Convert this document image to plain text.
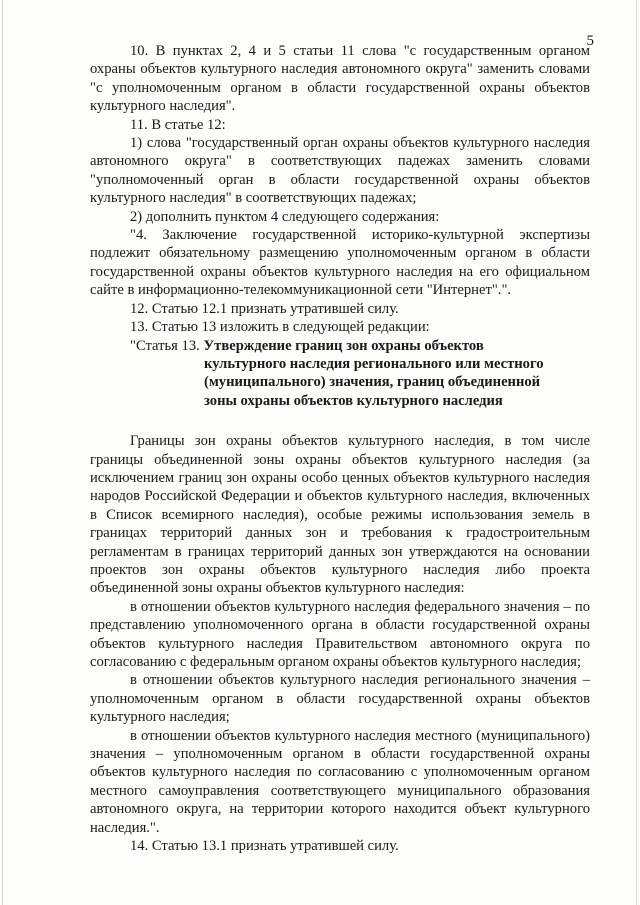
5

10. В пунктах 2, 4 и 5 статьи 11 слова "с государственным органом охраны объектов культурного наследия автономного округа" заменить словами "с уполномоченным органом в области государственной охраны объектов культурного наследия".

11. В статье 12:

1) слова "государственный орган охраны объектов культурного наследия автономного округа" в соответствующих падежах заменить словами "уполномоченный орган в области государственной охраны объектов культурного наследия" в соответствующих падежах;

2) дополнить пунктом 4 следующего содержания:

"4. Заключение государственной историко-культурной экспертизы подлежит обязательному размещению уполномоченным органом в области государственной охраны объектов культурного наследия на его официальном сайте в информационно-телекоммуникационной сети "Интернет".".

12. Статью 12.1 признать утратившей силу.

13. Статью 13 изложить в следующей редакции:

"Статья 13. Утверждение границ зон охраны объектов

культурного наследия регионального или местного

(муниципального) значения, границ объединенной

зоны охраны объектов культурного наследия

Границы зон охраны объектов культурного наследия, в том числе границы объединенной зоны охраны объектов культурного наследия (за исключением границ зон охраны особо ценных объектов культурного наследия народов Российской Федерации и объектов культурного наследия, включенных в Список всемирного наследия), особые режимы использования земель в границах территорий данных зон и требования к градостроительным регламентам в границах территорий данных зон утверждаются на основании проектов зон охраны объектов культурного наследия либо проекта объединенной зоны охраны объектов культурного наследия:

в отношении объектов культурного наследия федерального значения – по представлению уполномоченного органа в области государственной охраны объектов культурного наследия Правительством автономного округа по согласованию с федеральным органом охраны объектов культурного наследия;

в отношении объектов культурного наследия регионального значения – уполномоченным органом в области государственной охраны объектов культурного наследия;

в отношении объектов культурного наследия местного (муниципального) значения – уполномоченным органом в области государственной охраны объектов культурного наследия по согласованию с уполномоченным органом местного самоуправления соответствующего муниципального образования автономного округа, на территории которого находится объект культурного наследия.".

14. Статью 13.1 признать утратившей силу.
